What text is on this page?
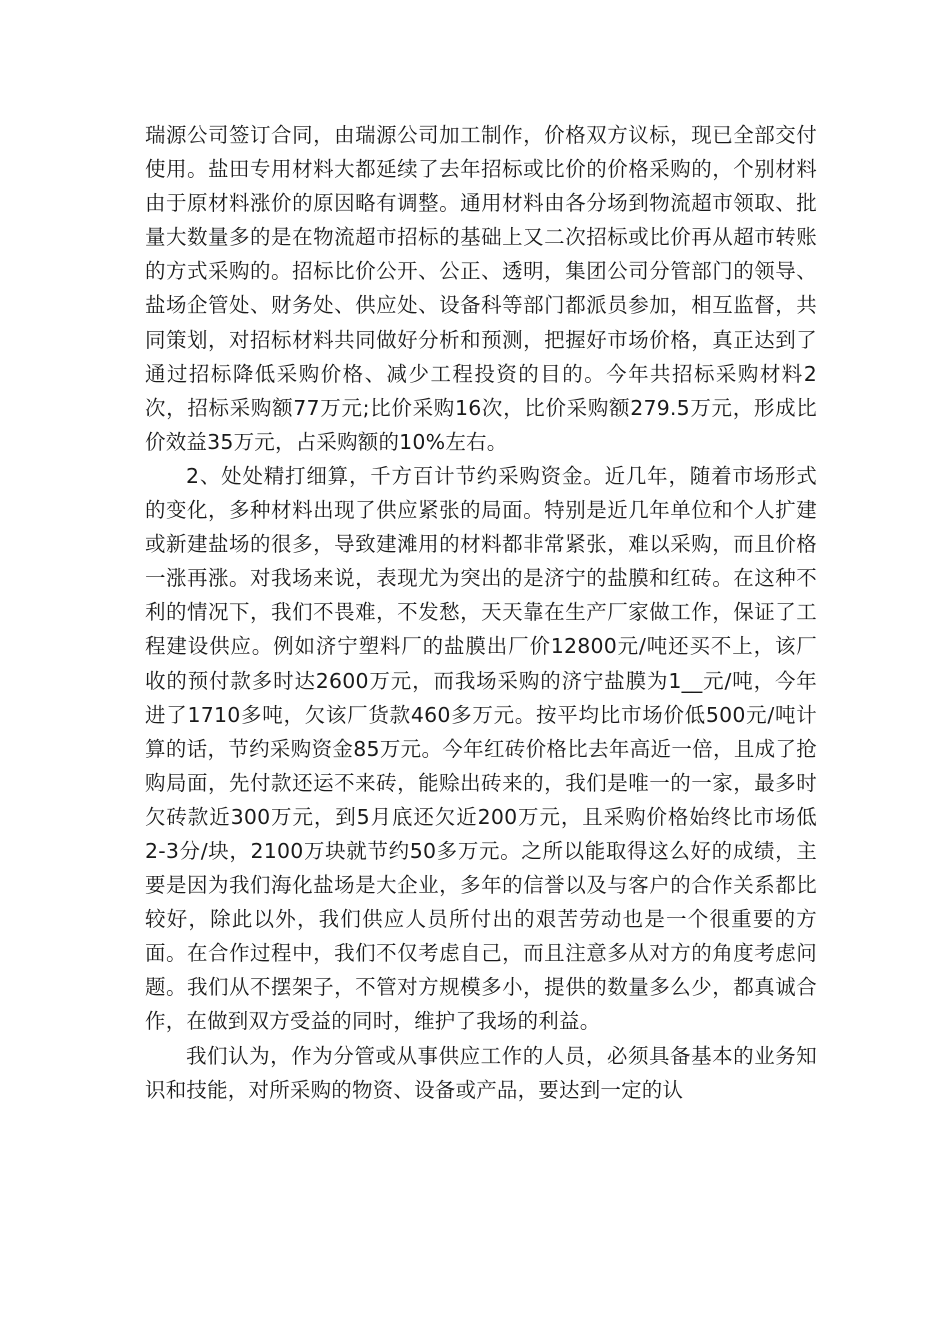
瑞源公司签订合同，由瑞源公司加工制作，价格双方议标，现已全部交付使用。盐田专用材料大都延续了去年招标或比价的价格采购的，个别材料由于原材料涨价的原因略有调整。通用材料由各分场到物流超市领取、批量大数量多的是在物流超市招标的基础上又二次招标或比价再从超市转账的方式采购的。招标比价公开、公正、透明，集团公司分管部门的领导、盐场企管处、财务处、供应处、设备科等部门都派员参加，相互监督，共同策划，对招标材料共同做好分析和预测，把握好市场价格，真正达到了通过招标降低采购价格、减少工程投资的目的。今年共招标采购材料2次，招标采购额77万元;比价采购16次，比价采购额279.5万元，形成比价效益35万元，占采购额的10%左右。

2、处处精打细算，千方百计节约采购资金。近几年，随着市场形式的变化，多种材料出现了供应紧张的局面。特别是近几年单位和个人扩建或新建盐场的很多，导致建滩用的材料都非常紧张，难以采购，而且价格一涨再涨。对我场来说，表现尤为突出的是济宁的盐膜和红砖。在这种不利的情况下，我们不畏难，不发愁，天天靠在生产厂家做工作，保证了工程建设供应。例如济宁塑料厂的盐膜出厂价12800元/吨还买不上，该厂收的预付款多时达2600万元，而我场采购的济宁盐膜为1__元/吨，今年进了1710多吨，欠该厂货款460多万元。按平均比市场价低500元/吨计算的话，节约采购资金85万元。今年红砖价格比去年高近一倍，且成了抢购局面，先付款还运不来砖，能赊出砖来的，我们是唯一的一家，最多时欠砖款近300万元，到5月底还欠近200万元，且采购价格始终比市场低2-3分/块，2100万块就节约50多万元。之所以能取得这么好的成绩，主要是因为我们海化盐场是大企业，多年的信誉以及与客户的合作关系都比较好，除此以外，我们供应人员所付出的艰苦劳动也是一个很重要的方面。在合作过程中，我们不仅考虑自己，而且注意多从对方的角度考虑问题。我们从不摆架子，不管对方规模多小，提供的数量多么少，都真诚合作，在做到双方受益的同时，维护了我场的利益。

我们认为，作为分管或从事供应工作的人员，必须具备基本的业务知识和技能，对所采购的物资、设备或产品，要达到一定的认
